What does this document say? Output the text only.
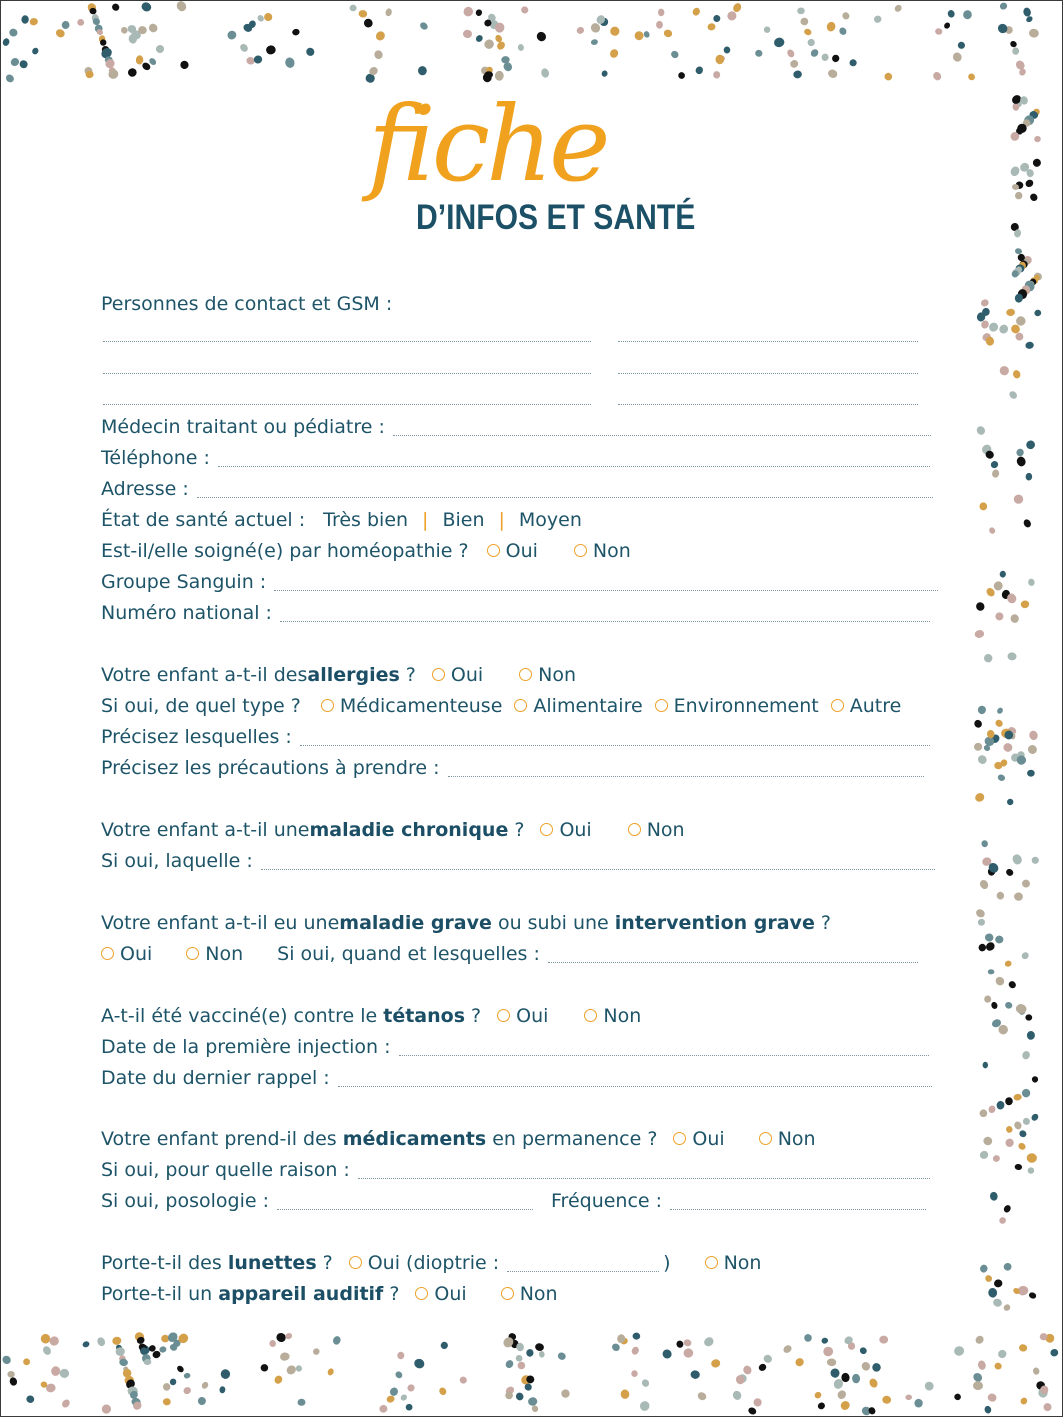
fiche
D’INFOS ET SANTÉ
Personnes de contact et GSM :
Médecin traitant ou pédiatre :
Téléphone :
Adresse :
État de santé actuel : Très bien | Bien | Moyen
Est-il/elle soigné(e) par homéopathie ? Oui	Non
Groupe Sanguin :
Numéro national :
Votre enfant a-t-il des allergies ? Oui	Non
Si oui, de quel type ? Médicamenteuse Alimentaire Environnement Autre
Précisez lesquelles :
Précisez les précautions à prendre :
Votre enfant a-t-il une maladie chronique ? Oui	Non
Si oui, laquelle :
Votre enfant a-t-il eu une maladie grave ou subi une intervention grave ?
Oui	Non Si oui, quand et lesquelles :
A-t-il été vacciné(e) contre le tétanos ? Oui	Non
Date de la première injection :
Date du dernier rappel :
Votre enfant prend-il des médicaments en permanence ? Oui	Non
Si oui, pour quelle raison :
Si oui, posologie :	Fréquence :
Porte-t-il des lunettes ? Oui (dioptrie :	)	Non
Porte-t-il un appareil auditif ? Oui	Non
